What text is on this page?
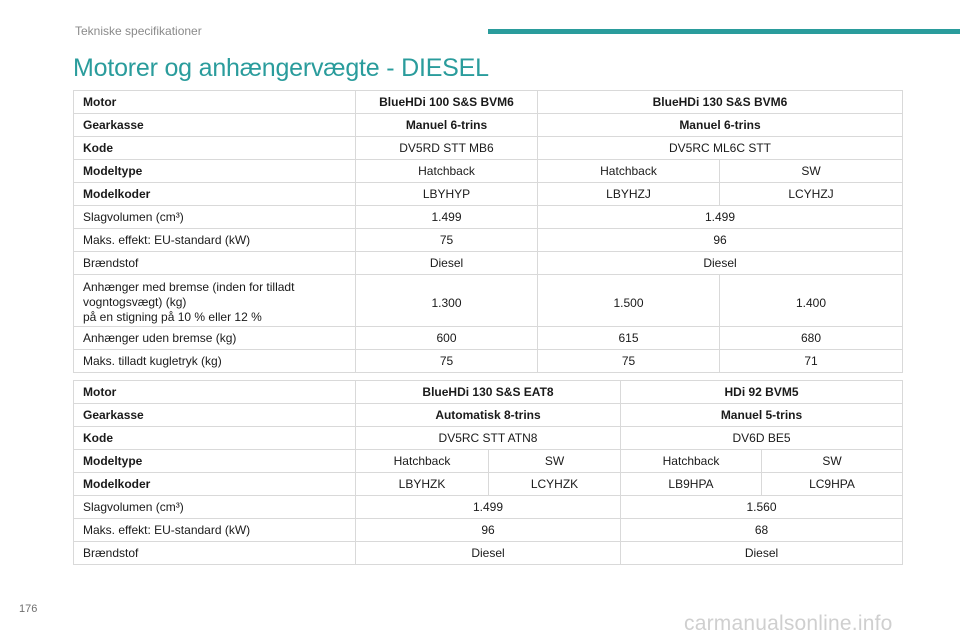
Tekniske specifikationer
Motorer og anhængervægte - DIESEL
Motor	BlueHDi 100 S&S BVM6	BlueHDi 130 S&S BVM6	
Gearkasse	Manuel 6-trins	Manuel 6-trins	
Kode	DV5RD STT MB6	DV5RC ML6C STT	
Modeltype	Hatchback	Hatchback	SW
Modelkoder	LBYHYP	LBYHZJ	LCYHZJ
Slagvolumen (cm³)	1.499	1.499	
Maks. effekt: EU-standard (kW)	75	96	
Brændstof	Diesel	Diesel	

Anhænger med bremse (inden for tilladt
vogntogsvægt) (kg)
på en stigning på 10 % eller 12 %	1.300	1.500	1.400
Anhænger uden bremse (kg)	600	615	680
Maks. tilladt kugletryk (kg)	75	75	71
Motor	BlueHDi 130 S&S EAT8		HDi 92 BVM5	
Gearkasse	Automatisk 8-trins		Manuel 5-trins	
Kode	DV5RC STT ATN8		DV6D BE5	
Modeltype	Hatchback	SW	Hatchback	SW
Modelkoder	LBYHZK	LCYHZK	LB9HPA	LC9HPA
Slagvolumen (cm³)	1.499		1.560	
Maks. effekt: EU-standard (kW)	96		68	
Brændstof	Diesel		Diesel	
176
carmanualsonline.info
